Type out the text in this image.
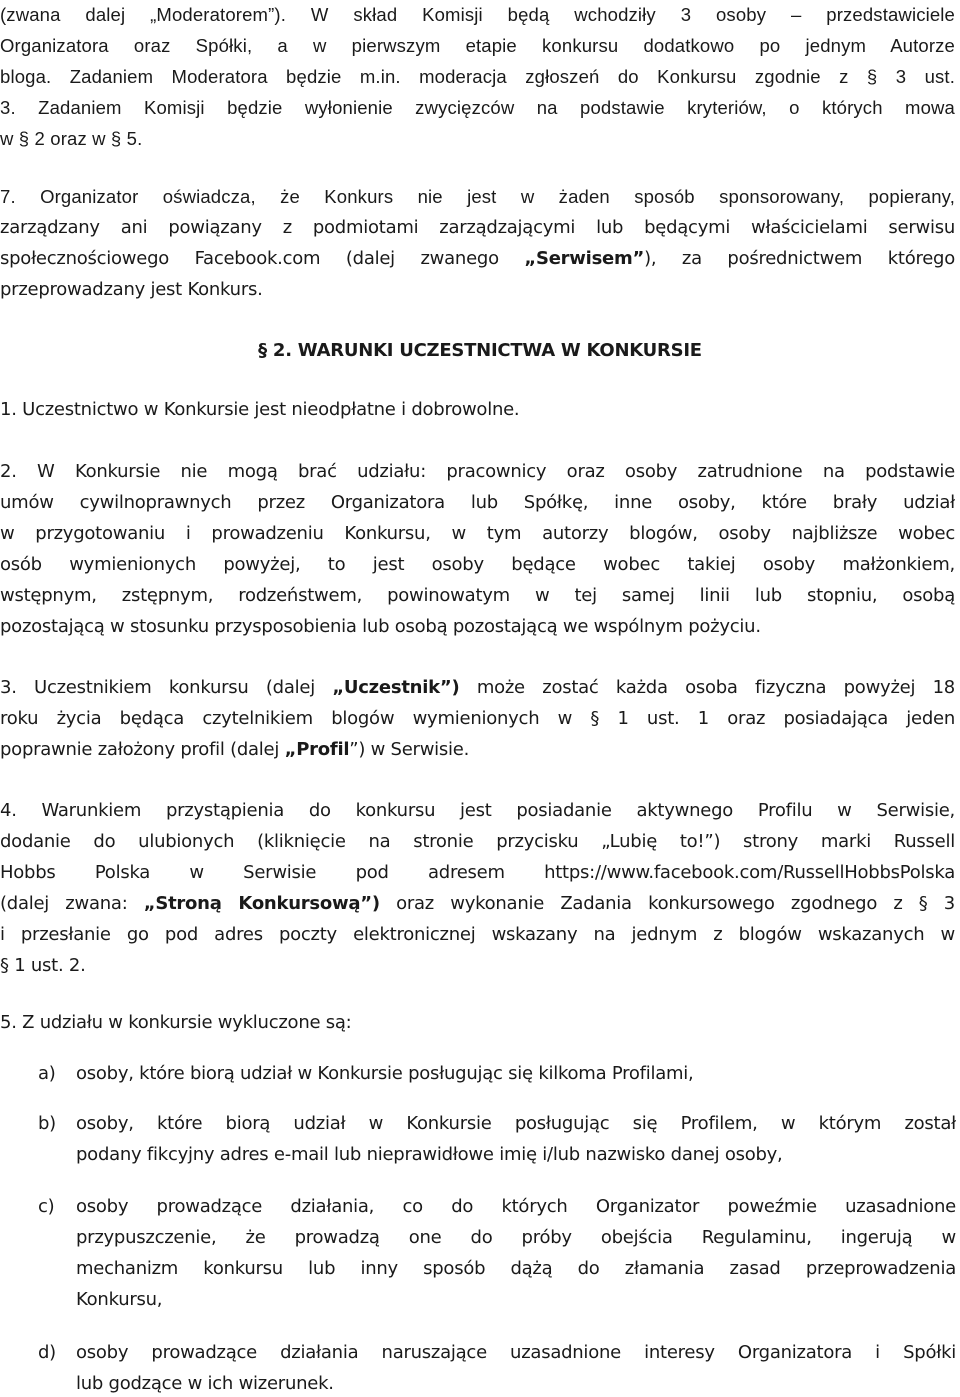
(zwana dalej „Moderatorem”). W skład Komisji będą wchodziły 3 osoby – przedstawiciele

Organizatora oraz Spółki, a w pierwszym etapie konkursu dodatkowo po jednym Autorze

bloga. Zadaniem Moderatora będzie m.in. moderacja zgłoszeń do Konkursu zgodnie z § 3 ust.

3. Zadaniem Komisji będzie wyłonienie zwycięzców na podstawie kryteriów, o których mowa

w § 2 oraz w § 5.

7. Organizator oświadcza, że Konkurs nie jest w żaden sposób sponsorowany, popierany,

zarządzany ani powiązany z podmiotami zarządzającymi lub będącymi właścicielami serwisu

społecznościowego Facebook.com (dalej zwanego „Serwisem”), za pośrednictwem którego

przeprowadzany jest Konkurs.

§ 2. WARUNKI UCZESTNICTWA W KONKURSIE

1. Uczestnictwo w Konkursie jest nieodpłatne i dobrowolne.

2. W Konkursie nie mogą brać udziału: pracownicy oraz osoby zatrudnione na podstawie

umów cywilnoprawnych przez Organizatora lub Spółkę, inne osoby, które brały udział

w przygotowaniu i prowadzeniu Konkursu, w tym autorzy blogów, osoby najbliższe wobec

osób wymienionych powyżej, to jest osoby będące wobec takiej osoby małżonkiem,

wstępnym, zstępnym, rodzeństwem, powinowatym w tej samej linii lub stopniu, osobą

pozostającą w stosunku przysposobienia lub osobą pozostającą we wspólnym pożyciu.

3. Uczestnikiem konkursu (dalej „Uczestnik”) może zostać każda osoba fizyczna powyżej 18

roku życia będąca czytelnikiem blogów wymienionych w § 1 ust. 1 oraz posiadająca jeden

poprawnie założony profil (dalej „Profil”) w Serwisie.

4. Warunkiem przystąpienia do konkursu jest posiadanie aktywnego Profilu w Serwisie,

dodanie do ulubionych (kliknięcie na stronie przycisku „Lubię to!”) strony marki Russell

Hobbs Polska w Serwisie pod adresem https://www.facebook.com/RussellHobbsPolska

(dalej zwana: „Stroną Konkursową”) oraz wykonanie Zadania konkursowego zgodnego z § 3

i przesłanie go pod adres poczty elektronicznej wskazany na jednym z blogów wskazanych w

§ 1 ust. 2.

5. Z udziału w konkursie wykluczone są:

a) osoby, które biorą udział w Konkursie posługując się kilkoma Profilami,

b) osoby, które biorą udział w Konkursie posługując się Profilem, w którym został

podany fikcyjny adres e-mail lub nieprawidłowe imię i/lub nazwisko danej osoby,

c) osoby prowadzące działania, co do których Organizator poweźmie uzasadnione

przypuszczenie, że prowadzą one do próby obejścia Regulaminu, ingerują w

mechanizm konkursu lub inny sposób dążą do złamania zasad przeprowadzenia

Konkursu,

d) osoby prowadzące działania naruszające uzasadnione interesy Organizatora i Spółki

lub godzące w ich wizerunek.
